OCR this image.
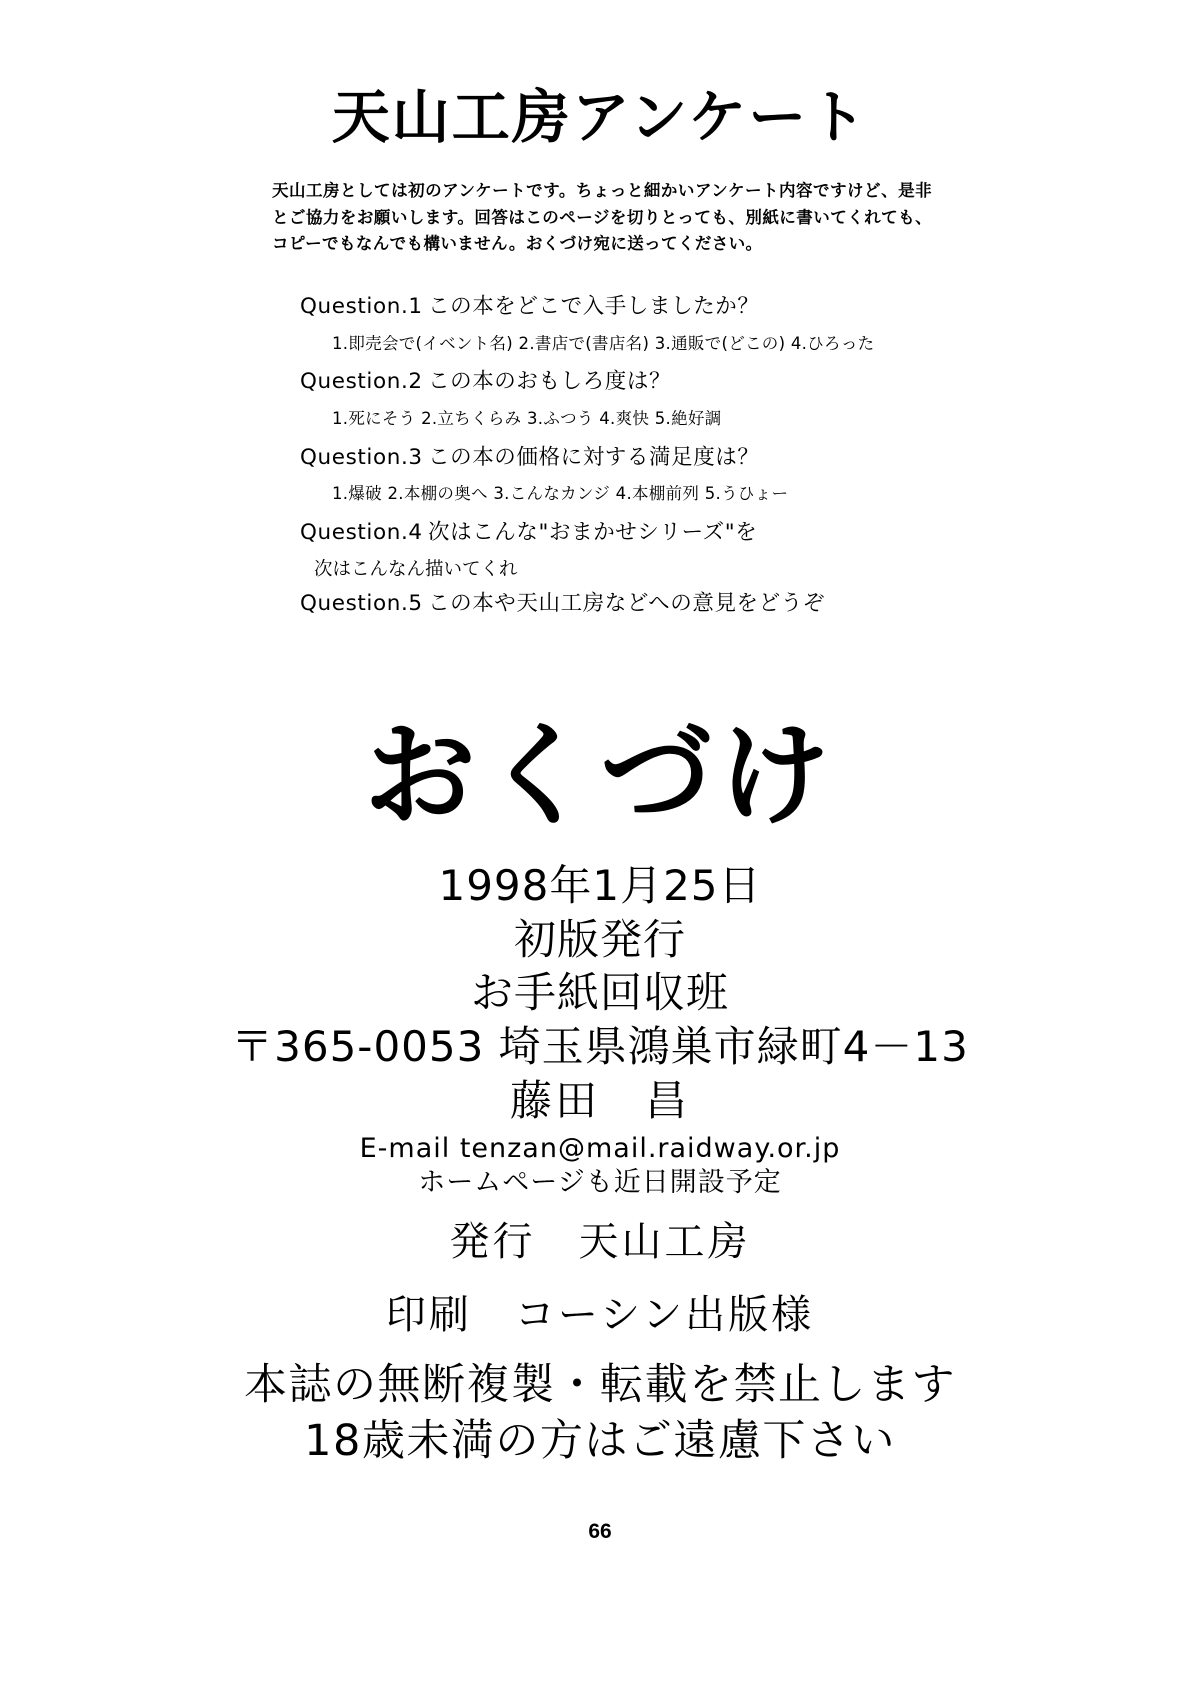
天山工房アンケート
天山工房としては初のアンケートです。ちょっと細かいアンケート内容ですけど、是非とご協力をお願いします。回答はこのページを切りとっても、別紙に書いてくれても、コピーでもなんでも構いません。おくづけ宛に送ってください。
Question.1 この本をどこで入手しましたか？
1.即売会で(イベント名) 2.書店で(書店名) 3.通販で(どこの) 4.ひろった
Question.2 この本のおもしろ度は？
1.死にそう 2.立ちくらみ 3.ふつう 4.爽快 5.絶好調
Question.3 この本の価格に対する満足度は？
1.爆破 2.本棚の奥へ 3.こんなカンジ 4.本棚前列 5.うひょー
Question.4 次はこんな"おまかせシリーズ"を
次はこんなん描いてくれ
Question.5 この本や天山工房などへの意見をどうぞ
おくづけ
1998年1月25日
初版発行
お手紙回収班
〒365-0053 埼玉県鴻巣市緑町4－13
藤田　昌
E-mail tenzan@mail.raidway.or.jp
ホームページも近日開設予定
発行　天山工房
印刷　コーシン出版様
本誌の無断複製・転載を禁止します
18歳未満の方はご遠慮下さい
66
